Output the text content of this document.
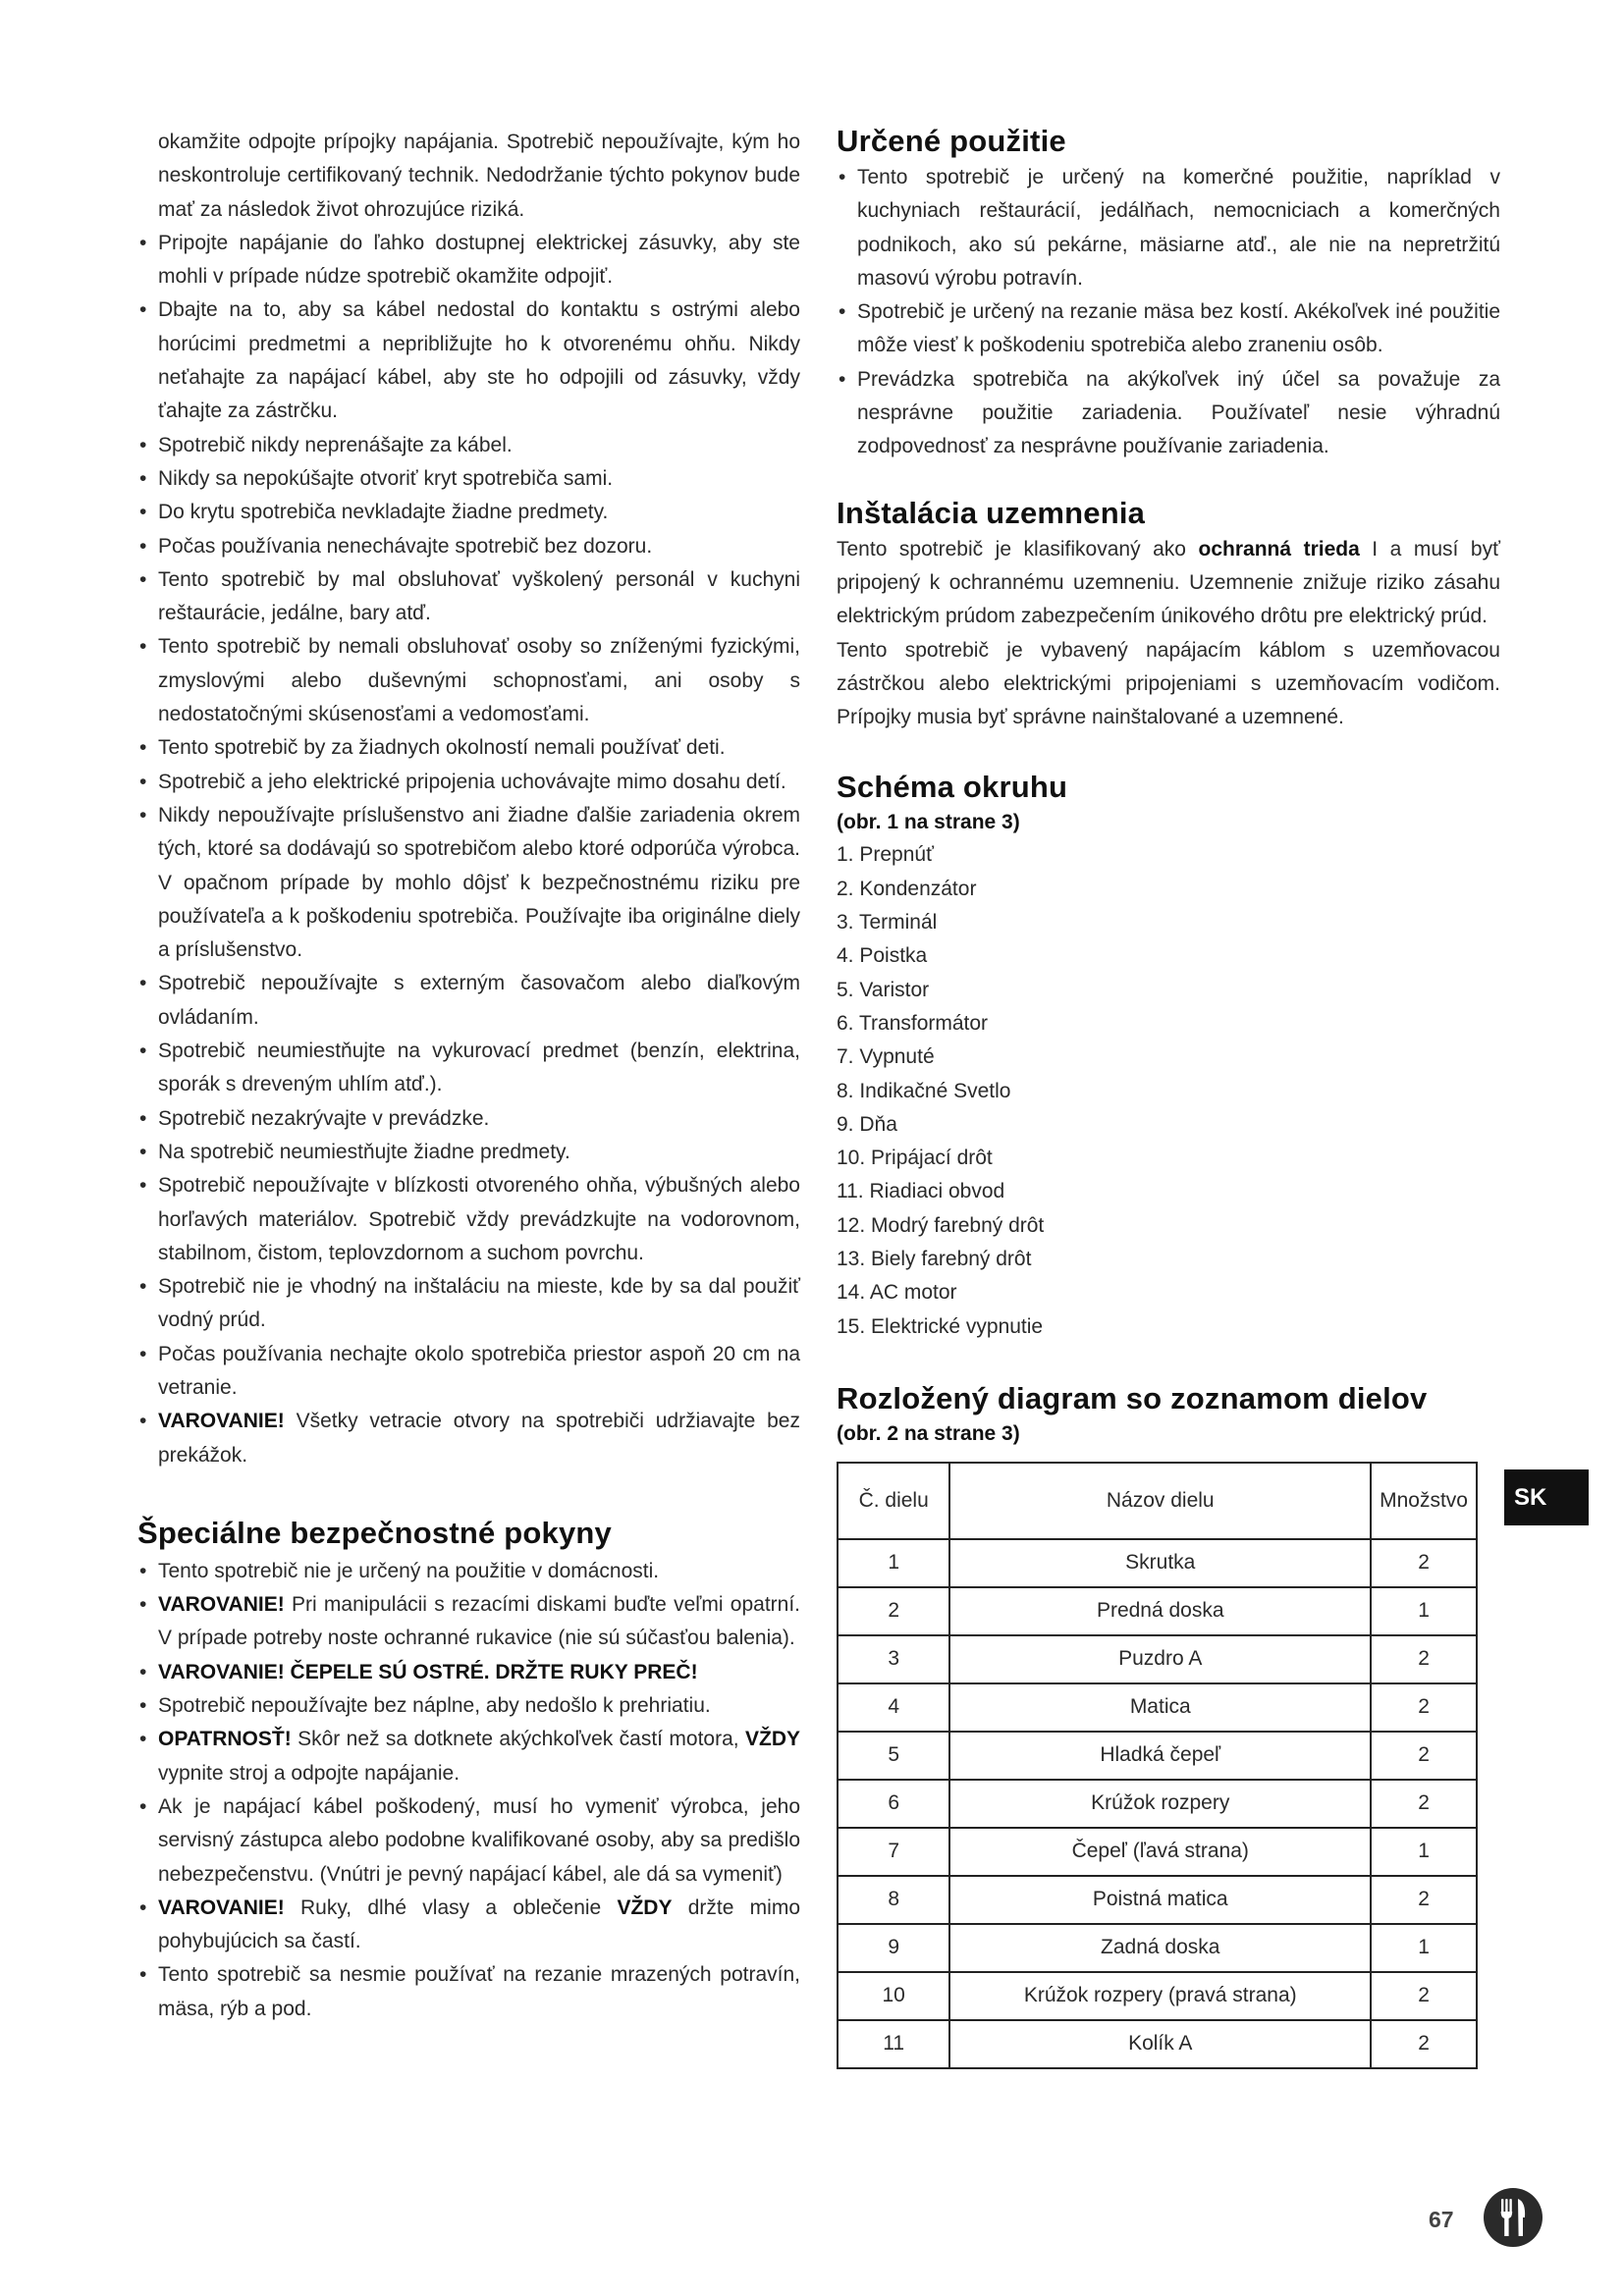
okamžite odpojte prípojky napájania. Spotrebič nepoužívajte, kým ho neskontroluje certifikovaný technik. Nedodržanie týchto pokynov bude mať za následok život ohrozujúce riziká.

• Pripojte napájanie do ľahko dostupnej elektrickej zásuvky, aby ste mohli v prípade núdze spotrebič okamžite odpojiť.
• Dbajte na to, aby sa kábel nedostal do kontaktu s ostrými alebo horúcimi predmetmi a nepribližujte ho k otvorenému ohňu. Nikdy neťahajte za napájací kábel, aby ste ho odpojili od zásuvky, vždy ťahajte za zástrčku.
• Spotrebič nikdy neprenášajte za kábel.
• Nikdy sa nepokúšajte otvoriť kryt spotrebiča sami.
• Do krytu spotrebiča nevkladajte žiadne predmety.
• Počas používania nenechávajte spotrebič bez dozoru.
• Tento spotrebič by mal obsluhovať vyškolený personál v kuchyni reštaurácie, jedálne, bary atď.
• Tento spotrebič by nemali obsluhovať osoby so zníženými fyzickými, zmyslovými alebo duševnými schopnosťami, ani osoby s nedostatočnými skúsenosťami a vedomosťami.
• Tento spotrebič by za žiadnych okolností nemali používať deti.
• Spotrebič a jeho elektrické pripojenia uchovávajte mimo dosahu detí.
• Nikdy nepoužívajte príslušenstvo ani žiadne ďalšie zariadenia okrem tých, ktoré sa dodávajú so spotrebičom alebo ktoré odporúča výrobca. V opačnom prípade by mohlo dôjsť k bezpečnostnému riziku pre používateľa a k poškodeniu spotrebiča. Používajte iba originálne diely a príslušenstvo.
• Spotrebič nepoužívajte s externým časovačom alebo diaľkovým ovládaním.
• Spotrebič neumiestňujte na vykurovací predmet (benzín, elektrina, sporák s dreveným uhlím atď.).
• Spotrebič nezakrývajte v prevádzke.
• Na spotrebič neumiestňujte žiadne predmety.
• Spotrebič nepoužívajte v blízkosti otvoreného ohňa, výbušných alebo horľavých materiálov. Spotrebič vždy prevádzkujte na vodorovnom, stabilnom, čistom, teplovzdornom a suchom povrchu.
• Spotrebič nie je vhodný na inštaláciu na mieste, kde by sa dal použiť vodný prúd.
• Počas používania nechajte okolo spotrebiča priestor aspoň 20 cm na vetranie.
• VAROVANIE! Všetky vetracie otvory na spotrebiči udržiavajte bez prekážok.
Špeciálne bezpečnostné pokyny
• Tento spotrebič nie je určený na použitie v domácnosti.
• VAROVANIE! Pri manipulácii s rezacími diskami buďte veľmi opatrní. V prípade potreby noste ochranné rukavice (nie sú súčasťou balenia).
• VAROVANIE! ČEPELE SÚ OSTRÉ. DRŽTE RUKY PREČ!
• Spotrebič nepoužívajte bez náplne, aby nedošlo k prehriatiu.
• OPATRNOSŤ! Skôr než sa dotknete akýchkoľvek častí motora, VŽDY vypnite stroj a odpojte napájanie.
• Ak je napájací kábel poškodený, musí ho vymeniť výrobca, jeho servisný zástupca alebo podobne kvalifikované osoby, aby sa predišlo nebezpečenstvu. (Vnútri je pevný napájací kábel, ale dá sa vymeniť)
• VAROVANIE! Ruky, dlhé vlasy a oblečenie VŽDY držte mimo pohybujúcich sa častí.
• Tento spotrebič sa nesmie používať na rezanie mrazených potravín, mäsa, rýb a pod.
Určené použitie
• Tento spotrebič je určený na komerčné použitie, napríklad v kuchyniach reštaurácií, jedálňach, nemocniciach a komerčných podnikoch, ako sú pekárne, mäsiarne atď., ale nie na nepretržitú masovú výrobu potravín.
• Spotrebič je určený na rezanie mäsa bez kostí. Akékoľvek iné použitie môže viesť k poškodeniu spotrebiča alebo zraneniu osôb.
• Prevádzka spotrebiča na akýkoľvek iný účel sa považuje za nesprávne použitie zariadenia. Používateľ nesie výhradnú zodpovednosť za nesprávne používanie zariadenia.
Inštalácia uzemnenia

Tento spotrebič je klasifikovaný ako ochranná trieda I a musí byť pripojený k ochrannému uzemneniu. Uzemnenie znižuje riziko zásahu elektrickým prúdom zabezpečením únikového drôtu pre elektrický prúd.

Tento spotrebič je vybavený napájacím káblom s uzemňovacou zástrčkou alebo elektrickými pripojeniami s uzemňovacím vodičom. Prípojky musia byť správne nainštalované a uzemnené.

Schéma okruhu

(obr. 1 na strane 3)

1. Prepnúť
2. Kondenzátor
3. Terminál
4. Poistka
5. Varistor
6. Transformátor
7. Vypnuté
8. Indikačné Svetlo
9. Dňa
10. Pripájací drôt
11. Riadiaci obvod
12. Modrý farebný drôt
13. Biely farebný drôt
14. AC motor
15. Elektrické vypnutie
Rozložený diagram so zoznamom dielov

(obr. 2 na strane 3)

Č. dielu	Názov dielu	Množstvo
1	Skrutka	2
2	Predná doska	1
3	Puzdro A	2
4	Matica	2
5	Hladká čepeľ	2
6	Krúžok rozpery	2
7	Čepeľ (ľavá strana)	1
8	Poistná matica	2
9	Zadná doska	1
10	Krúžok rozpery (pravá strana)	2
11	Kolík A	2
SK
67
